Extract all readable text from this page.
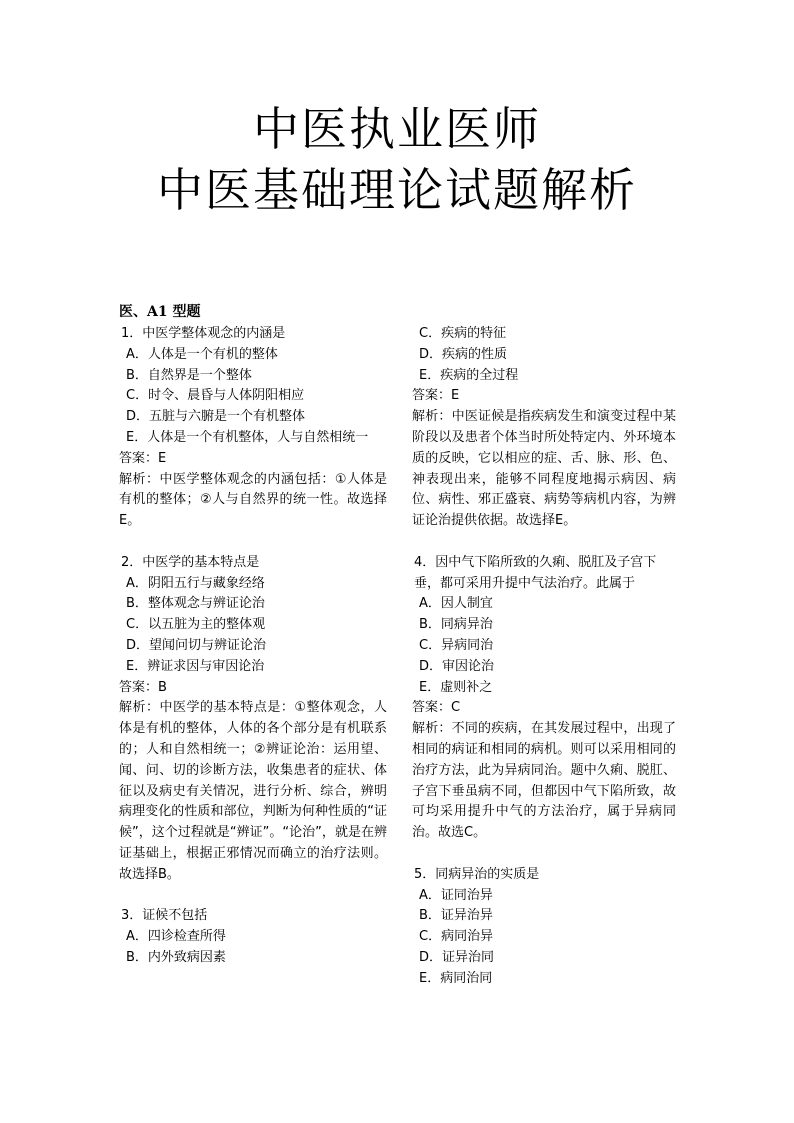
中医执业医师
中医基础理论试题解析
医、A1 型题

1．中医学整体观念的内涵是

A．人体是一个有机的整体

B．自然界是一个整体

C．时令、晨昏与人体阴阳相应

D．五脏与六腑是一个有机整体

E．人体是一个有机整体，人与自然相统一

答案：E

解析：中医学整体观念的内涵包括：①人体是有机的整体；②人与自然界的统一性。故选择E。

2．中医学的基本特点是

A．阴阳五行与藏象经络

B．整体观念与辨证论治

C．以五脏为主的整体观

D．望闻问切与辨证论治

E．辨证求因与审因论治

答案：B

解析：中医学的基本特点是：①整体观念，人体是有机的整体，人体的各个部分是有机联系的；人和自然相统一；②辨证论治：运用望、闻、问、切的诊断方法，收集患者的症状、体征以及病史有关情况，进行分析、综合，辨明病理变化的性质和部位，判断为何种性质的“证候”，这个过程就是“辨证”。“论治”，就是在辨证基础上，根据正邪情况而确立的治疗法则。故选择B。

3．证候不包括

A．四诊检查所得

B．内外致病因素

C．疾病的特征

D．疾病的性质

E．疾病的全过程

答案：E

解析：中医证候是指疾病发生和演变过程中某阶段以及患者个体当时所处特定内、外环境本质的反映，它以相应的症、舌、脉、形、色、神表现出来，能够不同程度地揭示病因、病位、病性、邪正盛衰、病势等病机内容，为辨证论治提供依据。故选择E。

4．因中气下陷所致的久痢、脱肛及子宫下垂，都可采用升提中气法治疗。此属于

A．因人制宜

B．同病异治

C．异病同治

D．审因论治

E．虚则补之

答案：C

解析：不同的疾病，在其发展过程中，出现了相同的病证和相同的病机。则可以采用相同的治疗方法，此为异病同治。题中久痢、脱肛、子宫下垂虽病不同，但都因中气下陷所致，故可均采用提升中气的方法治疗，属于异病同治。故选C。

5．同病异治的实质是

A．证同治异

B．证异治异

C．病同治异

D．证异治同

E．病同治同
